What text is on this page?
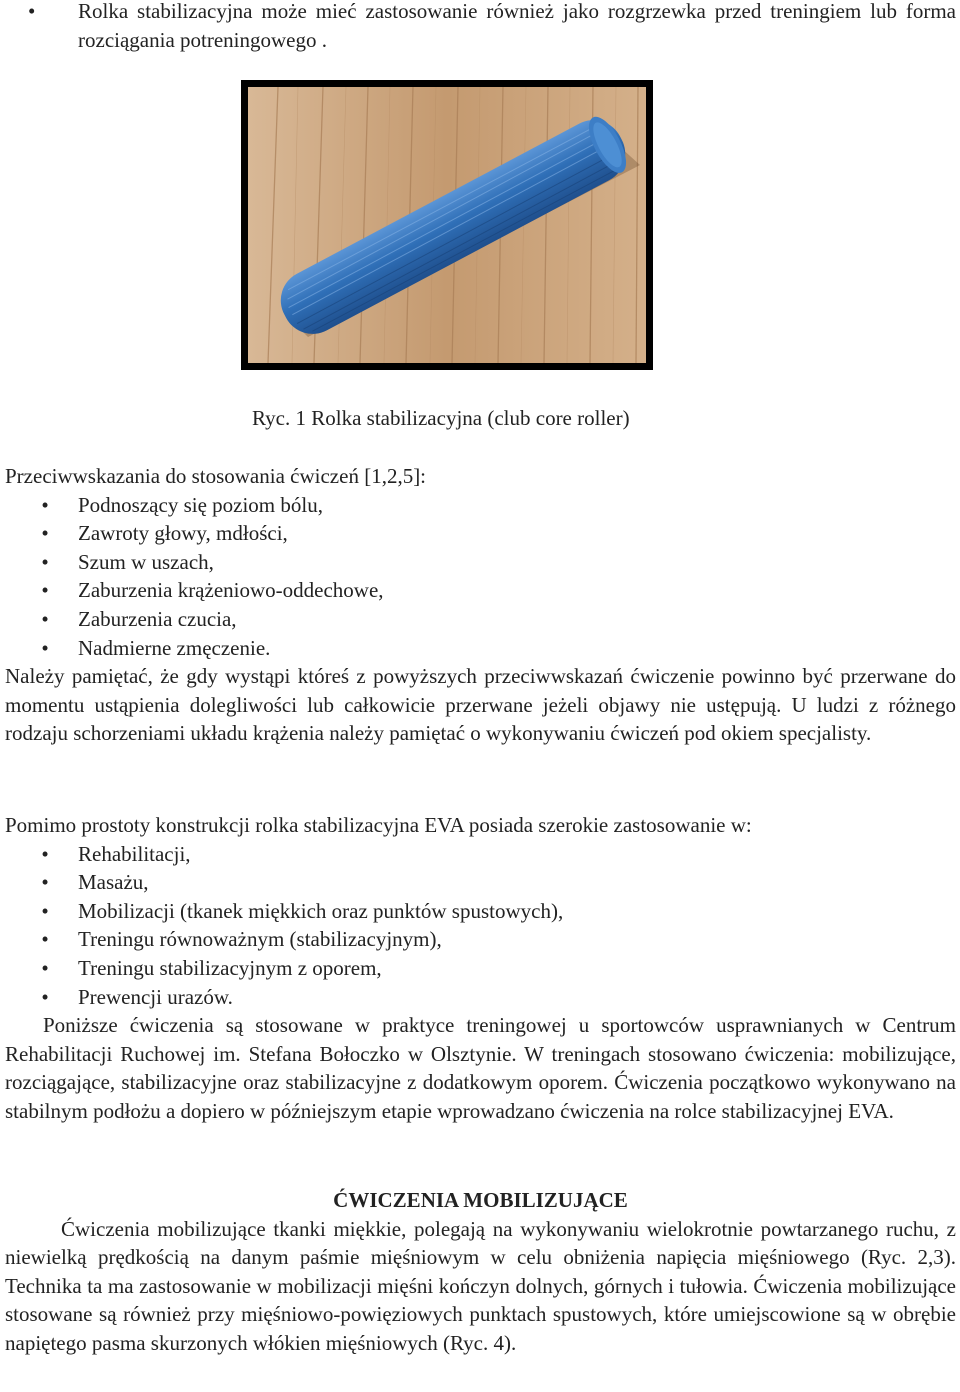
• Rolka stabilizacyjna może mieć zastosowanie również jako rozgrzewka przed treningiem lub forma rozciągania potreningowego .

Ryc. 1 Rolka stabilizacyjna (club core roller)

Przeciwwskazania do stosowania ćwiczeń [1,2,5]:

• Podnoszący się poziom bólu,
• Zawroty głowy, mdłości,
• Szum w uszach,
• Zaburzenia krążeniowo-oddechowe,
• Zaburzenia czucia,
• Nadmierne zmęczenie.

Należy pamiętać, że gdy wystąpi któreś z powyższych przeciwwskazań ćwiczenie powinno być przerwane do momentu ustąpienia dolegliwości lub całkowicie przerwane jeżeli objawy nie ustępują. U ludzi z różnego rodzaju schorzeniami układu krążenia należy pamiętać o wykonywaniu ćwiczeń pod okiem specjalisty.

Pomimo prostoty konstrukcji rolka stabilizacyjna EVA posiada szerokie zastosowanie w:

• Rehabilitacji,
• Masażu,
• Mobilizacji (tkanek miękkich oraz punktów spustowych),
• Treningu równoważnym (stabilizacyjnym),
• Treningu stabilizacyjnym z oporem,
• Prewencji urazów.

Poniższe ćwiczenia są stosowane w praktyce treningowej u sportowców usprawnianych w Centrum Rehabilitacji Ruchowej im. Stefana Bołoczko w Olsztynie. W treningach stosowano ćwiczenia: mobilizujące, rozciągające, stabilizacyjne oraz stabilizacyjne z dodatkowym oporem. Ćwiczenia początkowo wykonywano na stabilnym podłożu a dopiero w późniejszym etapie wprowadzano ćwiczenia na rolce stabilizacyjnej EVA.

ĆWICZENIA MOBILIZUJĄCE

Ćwiczenia mobilizujące tkanki miękkie, polegają na wykonywaniu wielokrotnie powtarzanego ruchu, z niewielką prędkością na danym paśmie mięśniowym w celu obniżenia napięcia mięśniowego (Ryc. 2,3). Technika ta ma zastosowanie w mobilizacji mięśni kończyn dolnych, górnych i tułowia. Ćwiczenia mobilizujące stosowane są również przy mięśniowo-powięziowych punktach spustowych, które umiejscowione są w obrębie napiętego pasma skurzonych włókien mięśniowych (Ryc. 4).
